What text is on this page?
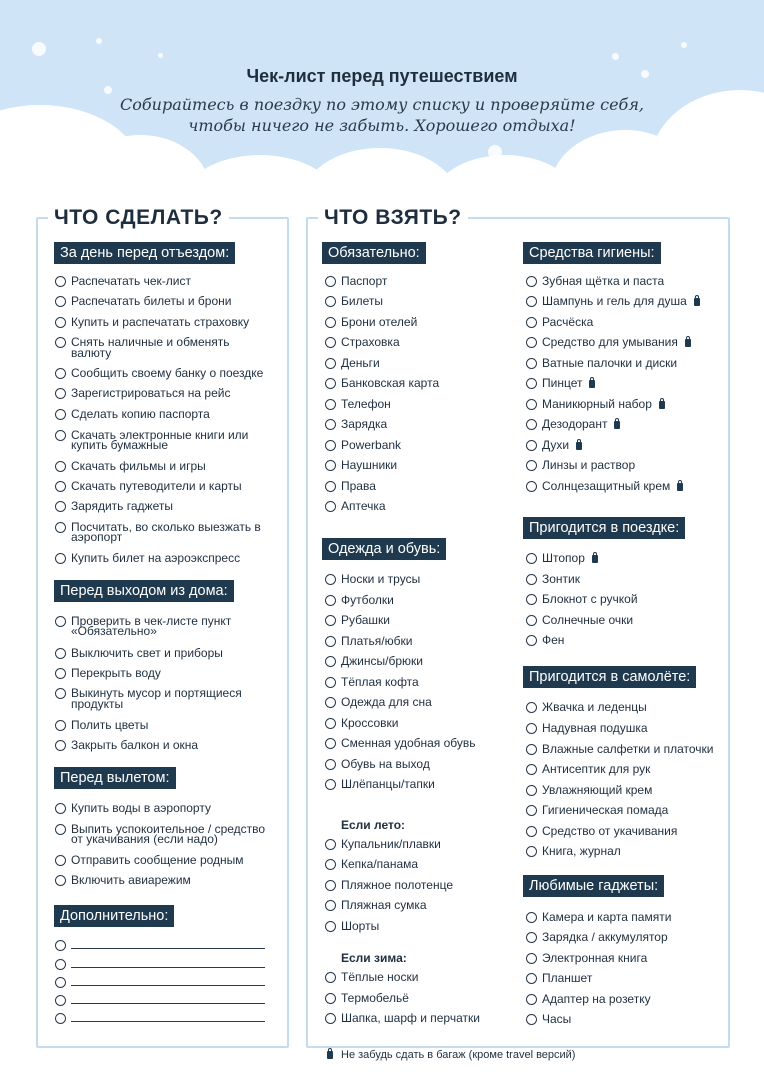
Чек-лист перед путешествием
Собирайтесь в поездку по этому списку и проверяйте себя,
чтобы ничего не забыть. Хорошего отдыха!
ЧТО СДЕЛАТЬ?	ЧТО ВЗЯТЬ?
За день перед отъездом:
Распечатать чек-лист
Распечатать билеты и брони
Купить и распечатать страховку
Снять наличные и обменять
валюту
Сообщить своему банку о поездке
Зарегистрироваться на рейс
Сделать копию паспорта
Скачать электронные книги или
купить бумажные
Скачать фильмы и игры
Скачать путеводители и карты
Зарядить гаджеты
Посчитать, во сколько выезжать в
аэропорт
Купить билет на аэроэкспресс
Перед выходом из дома:
Проверить в чек-листе пункт
«Обязательно»
Выключить свет и приборы
Перекрыть воду
Выкинуть мусор и портящиеся
продукты
Полить цветы
Закрыть балкон и окна
Перед вылетом:
Купить воды в аэропорту
Выпить успокоительное / средство
от укачивания (если надо)
Отправить сообщение родным
Включить авиарежим
Дополнительно:
Обязательно:
Паспорт
Билеты
Брони отелей
Страховка
Деньги
Банковская карта
Телефон
Зарядка
Powerbank
Наушники
Права
Аптечка
Одежда и обувь:
Носки и трусы
Футболки
Рубашки
Платья/юбки
Джинсы/брюки
Тёплая кофта
Одежда для сна
Кроссовки
Сменная удобная обувь
Обувь на выход
Шлёпанцы/тапки
Если лето:
Купальник/плавки
Кепка/панама
Пляжное полотенце
Пляжная сумка
Шорты
Если зима:
Тёплые носки
Термобельё
Шапка, шарф и перчатки
Средства гигиены:
Зубная щётка и паста
Шампунь и гель для душа
Расчёска
Средство для умывания
Ватные палочки и диски
Пинцет
Маникюрный набор
Дезодорант
Духи
Линзы и раствор
Солнцезащитный крем
Пригодится в поездке:
Штопор
Зонтик
Блокнот с ручкой
Солнечные очки
Фен
Пригодится в самолёте:
Жвачка и леденцы
Надувная подушка
Влажные салфетки и платочки
Антисептик для рук
Увлажняющий крем
Гигиеническая помада
Средство от укачивания
Книга, журнал
Любимые гаджеты:
Камера и карта памяти
Зарядка / аккумулятор
Электронная книга
Планшет
Адаптер на розетку
Часы
Не забудь сдать в багаж (кроме travel версий)
